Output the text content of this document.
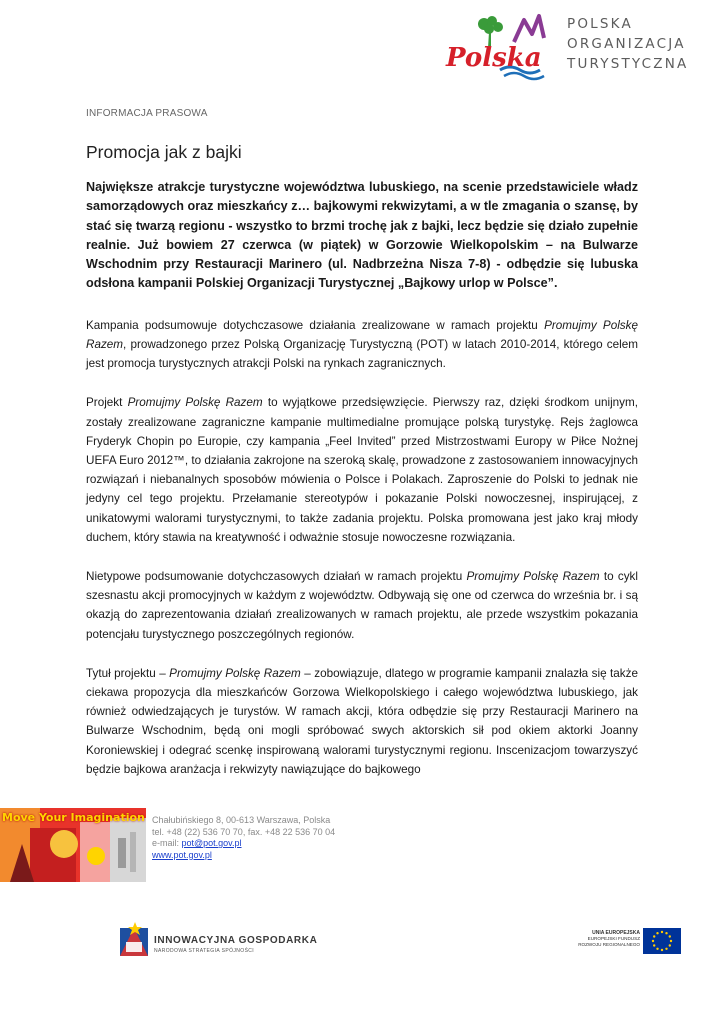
Polska
POLSKA
ORGANIZACJA
TURYSTYCZNA
INFORMACJA PRASOWA
Promocja jak z bajki

Największe atrakcje turystyczne województwa lubuskiego, na scenie przedstawiciele władz samorządowych oraz mieszkańcy z… bajkowymi rekwizytami, a w tle zmagania o szansę, by stać się twarzą regionu - wszystko to brzmi trochę jak z bajki, lecz będzie się działo zupełnie realnie. Już bowiem 27 czerwca (w piątek) w Gorzowie Wielkopolskim – na Bulwarze Wschodnim przy Restauracji Marinero (ul. Nadbrzeżna Nisza 7-8) - odbędzie się lubuska odsłona kampanii Polskiej Organizacji Turystycznej „Bajkowy urlop w Polsce”.

Kampania podsumowuje dotychczasowe działania zrealizowane w ramach projektu Promujmy Polskę Razem, prowadzonego przez Polską Organizację Turystyczną (POT) w latach 2010-2014, którego celem jest promocja turystycznych atrakcji Polski na rynkach zagranicznych.

Projekt Promujmy Polskę Razem to wyjątkowe przedsięwzięcie. Pierwszy raz, dzięki środkom unijnym, zostały zrealizowane zagraniczne kampanie multimedialne promujące polską turystykę. Rejs żaglowca Fryderyk Chopin po Europie, czy kampania „Feel Invited” przed Mistrzostwami Europy w Piłce Nożnej UEFA Euro 2012™, to działania zakrojone na szeroką skalę, prowadzone z zastosowaniem innowacyjnych rozwiązań i niebanalnych sposobów mówienia o Polsce i Polakach. Zaproszenie do Polski to jednak nie jedyny cel tego projektu. Przełamanie stereotypów i pokazanie Polski nowoczesnej, inspirującej, z unikatowymi walorami turystycznymi, to także zadania projektu. Polska promowana jest jako kraj młody duchem, który stawia na kreatywność i odważnie stosuje nowoczesne rozwiązania.

Nietypowe podsumowanie dotychczasowych działań w ramach projektu Promujmy Polskę Razem to cykl szesnastu akcji promocyjnych w każdym z województw. Odbywają się one od czerwca do września br. i są okazją do zaprezentowania działań zrealizowanych w ramach projektu, ale przede wszystkim pokazania potencjału turystycznego poszczególnych regionów.

Tytuł projektu – Promujmy Polskę Razem – zobowiązuje, dlatego w programie kampanii znalazła się także ciekawa propozycja dla mieszkańców Gorzowa Wielkopolskiego i całego województwa lubuskiego, jak również odwiedzających je turystów. W ramach akcji, która odbędzie się przy Restauracji Marinero na Bulwarze Wschodnim, będą oni mogli spróbować swych aktorskich sił pod okiem aktorki Joanny Koroniewskiej i odegrać scenkę inspirowaną walorami turystycznymi regionu. Inscenizacjom towarzyszyć będzie bajkowa aranżacja i rekwizyty nawiązujące do bajkowego

Move Your Imagination Chałubińskiego 8, 00-613 Warszawa, Polska
tel. +48 (22) 536 70 70, fax. +48 22 536 70 04
e-mail: pot@pot.gov.pl
www.pot.gov.pl
INNOWACYJNA GOSPODARKA
NARODOWA STRATEGIA SPÓJNOŚCI
UNIA EUROPEJSKA
EUROPEJSKI FUNDUSZ
ROZWOJU REGIONALNEGO
